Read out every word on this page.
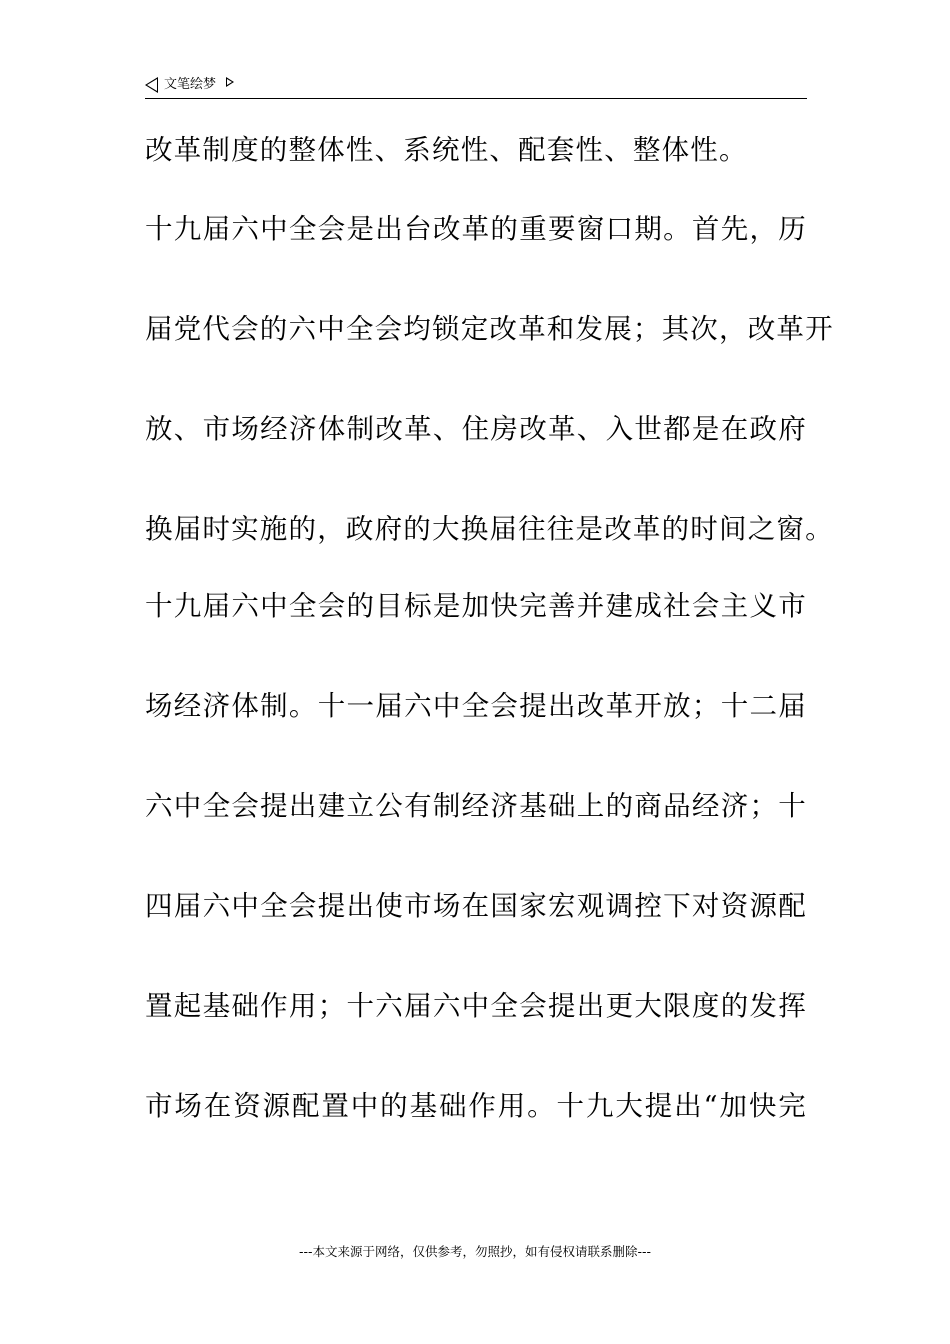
文笔绘梦
改革制度的整体性、系统性、配套性、整体性。
十九届六中全会是出台改革的重要窗口期。首先，历
届党代会的六中全会均锁定改革和发展；其次，改革开
放、市场经济体制改革、住房改革、入世都是在政府
换届时实施的，政府的大换届往往是改革的时间之窗。
十九届六中全会的目标是加快完善并建成社会主义市
场经济体制。十一届六中全会提出改革开放；十二届
六中全会提出建立公有制经济基础上的商品经济；十
四届六中全会提出使市场在国家宏观调控下对资源配
置起基础作用；十六届六中全会提出更大限度的发挥
市场在资源配置中的基础作用。十九大提出“加快完
---本文来源于网络，仅供参考，勿照抄，如有侵权请联系删除---
